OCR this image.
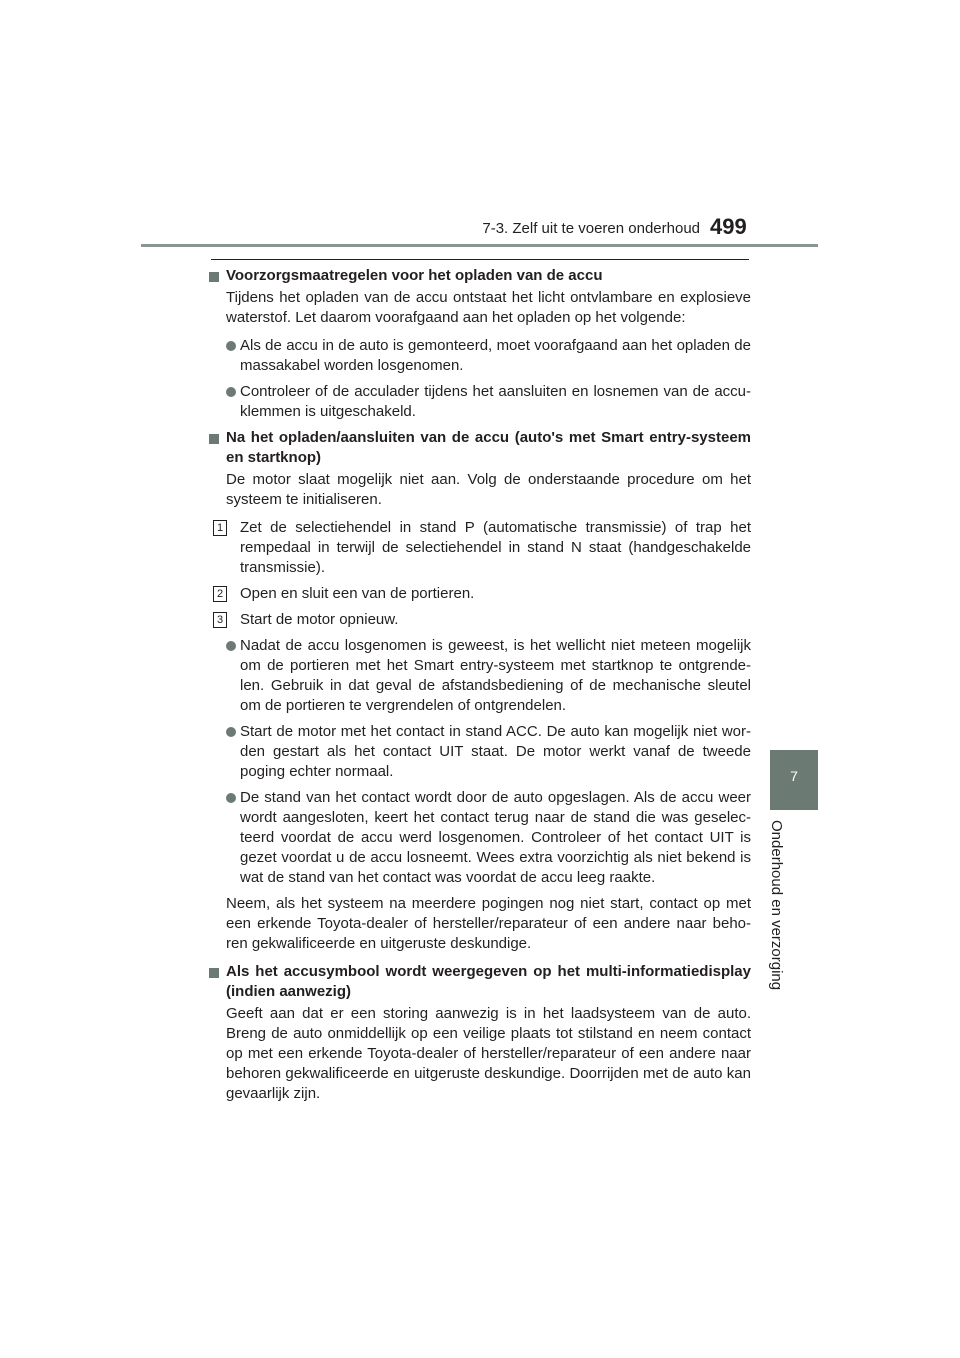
7-3. Zelf uit te voeren onderhoud 499
7
Onderhoud en verzorging
Voorzorgsmaatregelen voor het opladen van de accu
Tijdens het opladen van de accu ontstaat het licht ontvlambare en explosieve waterstof. Let daarom voorafgaand aan het opladen op het volgende:
Als de accu in de auto is gemonteerd, moet voorafgaand aan het opladen de massakabel worden losgenomen.
Controleer of de acculader tijdens het aansluiten en losnemen van de accu-klemmen is uitgeschakeld.
Na het opladen/aansluiten van de accu (auto's met Smart entry-systeem en startknop)
De motor slaat mogelijk niet aan. Volg de onderstaande procedure om het systeem te initialiseren.
1 Zet de selectiehendel in stand P (automatische transmissie) of trap het rempedaal in terwijl de selectiehendel in stand N staat (handgeschakelde transmissie).
2 Open en sluit een van de portieren.
3 Start de motor opnieuw.
Nadat de accu losgenomen is geweest, is het wellicht niet meteen mogelijk om de portieren met het Smart entry-systeem met startknop te ontgrende-len. Gebruik in dat geval de afstandsbediening of de mechanische sleutel om de portieren te vergrendelen of ontgrendelen.
Start de motor met het contact in stand ACC. De auto kan mogelijk niet wor-den gestart als het contact UIT staat. De motor werkt vanaf de tweede poging echter normaal.
De stand van het contact wordt door de auto opgeslagen. Als de accu weer wordt aangesloten, keert het contact terug naar de stand die was geselec-teerd voordat de accu werd losgenomen. Controleer of het contact UIT is gezet voordat u de accu losneemt. Wees extra voorzichtig als niet bekend is wat de stand van het contact was voordat de accu leeg raakte.
Neem, als het systeem na meerdere pogingen nog niet start, contact op met een erkende Toyota-dealer of hersteller/reparateur of een andere naar beho-ren gekwalificeerde en uitgeruste deskundige.
Als het accusymbool wordt weergegeven op het multi-informatiedisplay (indien aanwezig)
Geeft aan dat er een storing aanwezig is in het laadsysteem van de auto. Breng de auto onmiddellijk op een veilige plaats tot stilstand en neem contact op met een erkende Toyota-dealer of hersteller/reparateur of een andere naar behoren gekwalificeerde en uitgeruste deskundige. Doorrijden met de auto kan gevaarlijk zijn.
